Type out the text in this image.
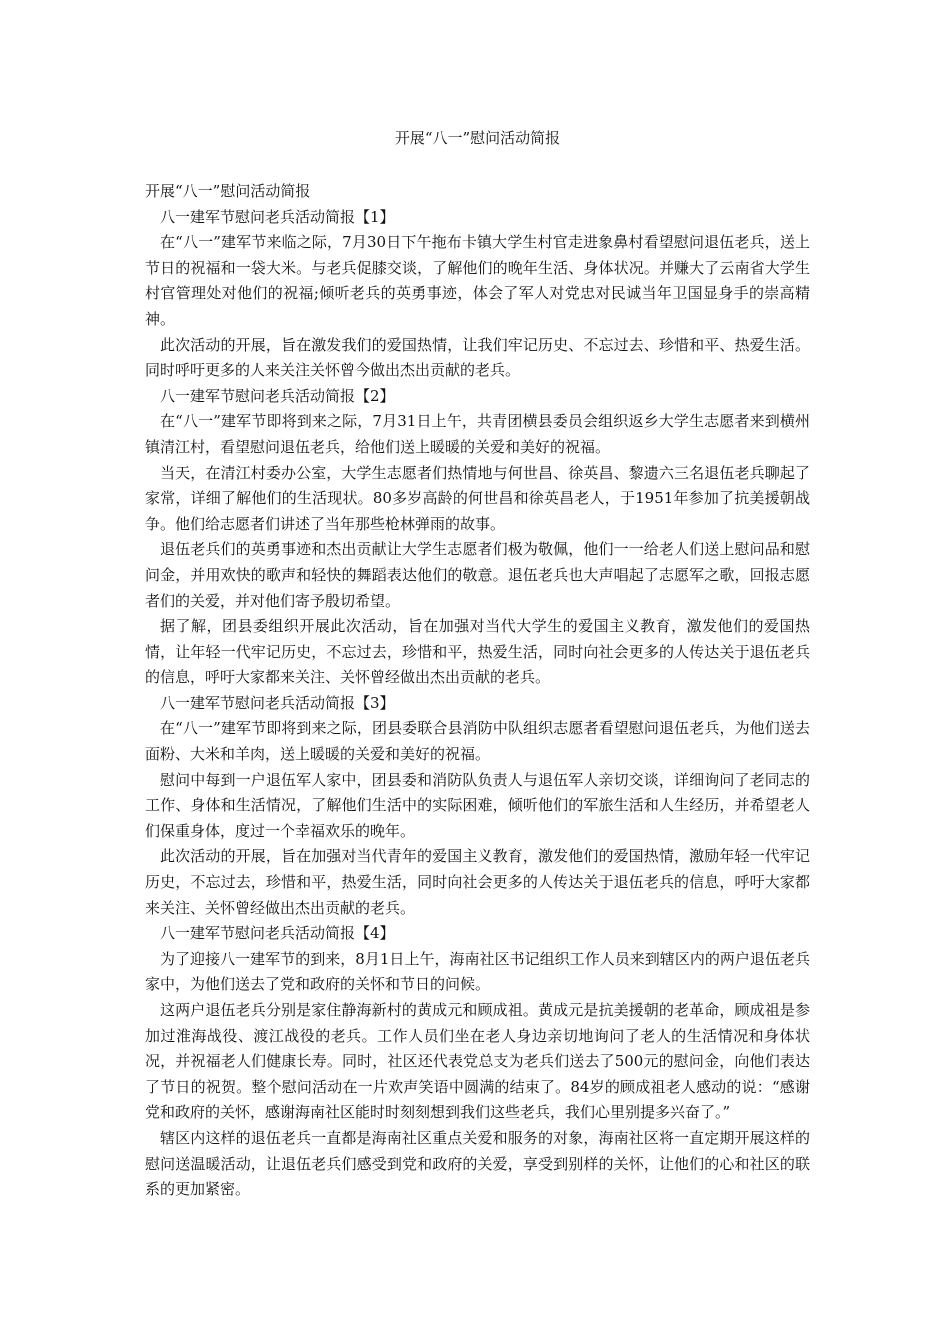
开展“八一”慰问活动简报

开展“八一”慰问活动简报

八一建军节慰问老兵活动简报【1】

在“八一”建军节来临之际，7月30日下午拖布卡镇大学生村官走进象鼻村看望慰问退伍老兵，送上节日的祝福和一袋大米。与老兵促膝交谈，了解他们的晚年生活、身体状况。并赚大了云南省大学生村官管理处对他们的祝福;倾听老兵的英勇事迹，体会了军人对党忠对民诚当年卫国显身手的崇高精神。

此次活动的开展，旨在激发我们的爱国热情，让我们牢记历史、不忘过去、珍惜和平、热爱生活。同时呼吁更多的人来关注关怀曾今做出杰出贡献的老兵。

八一建军节慰问老兵活动简报【2】

在“八一”建军节即将到来之际，7月31日上午，共青团横县委员会组织返乡大学生志愿者来到横州镇清江村，看望慰问退伍老兵，给他们送上暖暖的关爱和美好的祝福。

当天，在清江村委办公室，大学生志愿者们热情地与何世昌、徐英昌、黎遗六三名退伍老兵聊起了家常，详细了解他们的生活现状。80多岁高龄的何世昌和徐英昌老人，于1951年参加了抗美援朝战争。他们给志愿者们讲述了当年那些枪林弹雨的故事。

退伍老兵们的英勇事迹和杰出贡献让大学生志愿者们极为敬佩，他们一一给老人们送上慰问品和慰问金，并用欢快的歌声和轻快的舞蹈表达他们的敬意。退伍老兵也大声唱起了志愿军之歌，回报志愿者们的关爱，并对他们寄予殷切希望。

据了解，团县委组织开展此次活动，旨在加强对当代大学生的爱国主义教育，激发他们的爱国热情，让年轻一代牢记历史，不忘过去，珍惜和平，热爱生活，同时向社会更多的人传达关于退伍老兵的信息，呼吁大家都来关注、关怀曾经做出杰出贡献的老兵。

八一建军节慰问老兵活动简报【3】

在“八一”建军节即将到来之际，团县委联合县消防中队组织志愿者看望慰问退伍老兵，为他们送去面粉、大米和羊肉，送上暖暖的关爱和美好的祝福。

慰问中每到一户退伍军人家中，团县委和消防队负责人与退伍军人亲切交谈，详细询问了老同志的工作、身体和生活情况，了解他们生活中的实际困难，倾听他们的军旅生活和人生经历，并希望老人们保重身体，度过一个幸福欢乐的晚年。

此次活动的开展，旨在加强对当代青年的爱国主义教育，激发他们的爱国热情，激励年轻一代牢记历史，不忘过去，珍惜和平，热爱生活，同时向社会更多的人传达关于退伍老兵的信息，呼吁大家都来关注、关怀曾经做出杰出贡献的老兵。

八一建军节慰问老兵活动简报【4】

为了迎接八一建军节的到来，8月1日上午，海南社区书记组织工作人员来到辖区内的两户退伍老兵家中，为他们送去了党和政府的关怀和节日的问候。

这两户退伍老兵分别是家住静海新村的黄成元和顾成祖。黄成元是抗美援朝的老革命，顾成祖是参加过淮海战役、渡江战役的老兵。工作人员们坐在老人身边亲切地询问了老人的生活情况和身体状况，并祝福老人们健康长寿。同时，社区还代表党总支为老兵们送去了500元的慰问金，向他们表达了节日的祝贺。整个慰问活动在一片欢声笑语中圆满的结束了。84岁的顾成祖老人感动的说：“感谢党和政府的关怀，感谢海南社区能时时刻刻想到我们这些老兵，我们心里别提多兴奋了。”

辖区内这样的退伍老兵一直都是海南社区重点关爱和服务的对象，海南社区将一直定期开展这样的慰问送温暖活动，让退伍老兵们感受到党和政府的关爱，享受到别样的关怀，让他们的心和社区的联系的更加紧密。
